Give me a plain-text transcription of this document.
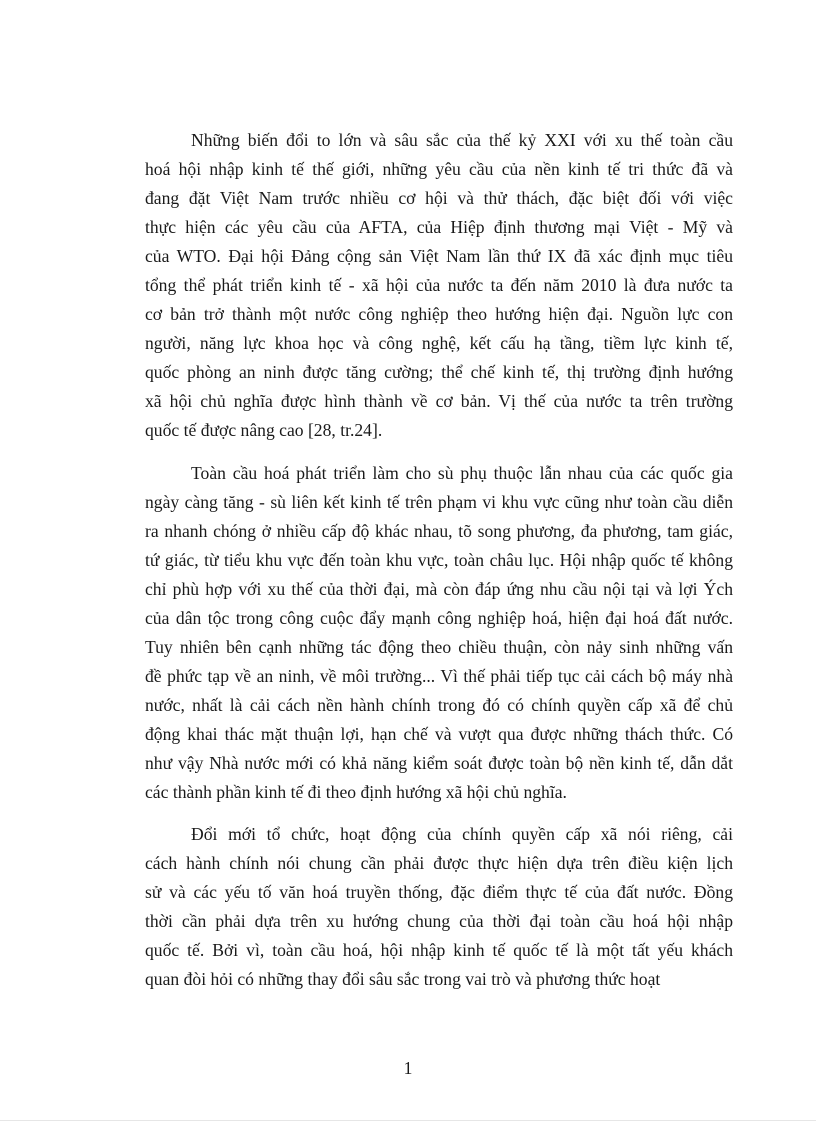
Những biến đổi to lớn và sâu sắc của thế kỷ XXI với xu thế toàn cầu
hoá hội nhập kinh tế thế giới, những yêu cầu của nền kinh tế tri thức đã và
đang đặt Việt Nam trước nhiều cơ hội và thử thách, đặc biệt đối với việc
thực hiện các yêu cầu của AFTA, của Hiệp định thương mại Việt - Mỹ và
của WTO. Đại hội Đảng cộng sản Việt Nam lần thứ IX đã xác định mục tiêu
tổng thể phát triển kinh tế - xã hội của nước ta đến năm 2010 là đưa nước ta
cơ bản trở thành một nước công nghiệp theo hướng hiện đại. Nguồn lực con
người, năng lực khoa học và công nghệ, kết cấu hạ tầng, tiềm lực kinh tế,
quốc phòng an ninh được tăng cường; thể chế kinh tế, thị trường định hướng
xã hội chủ nghĩa được hình thành về cơ bản. Vị thế của nước ta trên trường
quốc tế được nâng cao [28, tr.24].
Toàn cầu hoá phát triển làm cho sù phụ thuộc lẫn nhau của các quốc gia
ngày càng tăng - sù liên kết kinh tế trên phạm vi khu vực cũng như toàn cầu diễn
ra nhanh chóng ở nhiều cấp độ khác nhau, tõ song phương, đa phương, tam giác,
tứ giác, từ tiểu khu vực đến toàn khu vực, toàn châu lục. Hội nhập quốc tế không
chỉ phù hợp với xu thế của thời đại, mà còn đáp ứng nhu cầu nội tại và lợi Ých
của dân tộc trong công cuộc đẩy mạnh công nghiệp hoá, hiện đại hoá đất nước.
Tuy nhiên bên cạnh những tác động theo chiều thuận, còn nảy sinh những vấn
đề phức tạp về an ninh, về môi trường... Vì thế phải tiếp tục cải cách bộ máy nhà
nước, nhất là cải cách nền hành chính trong đó có chính quyền cấp xã để chủ
động khai thác mặt thuận lợi, hạn chế và vượt qua được những thách thức. Có
như vậy Nhà nước mới có khả năng kiểm soát được toàn bộ nền kinh tế, dẫn dắt
các thành phần kinh tế đi theo định hướng xã hội chủ nghĩa.
Đổi mới tổ chức, hoạt động của chính quyền cấp xã nói riêng, cải
cách hành chính nói chung cần phải được thực hiện dựa trên điều kiện lịch
sử và các yếu tố văn hoá truyền thống, đặc điểm thực tế của đất nước. Đồng
thời cần phải dựa trên xu hướng chung của thời đại toàn cầu hoá hội nhập
quốc tế. Bởi vì, toàn cầu hoá, hội nhập kinh tế quốc tế là một tất yếu khách
quan đòi hỏi có những thay đổi sâu sắc trong vai trò và phương thức hoạt
1
